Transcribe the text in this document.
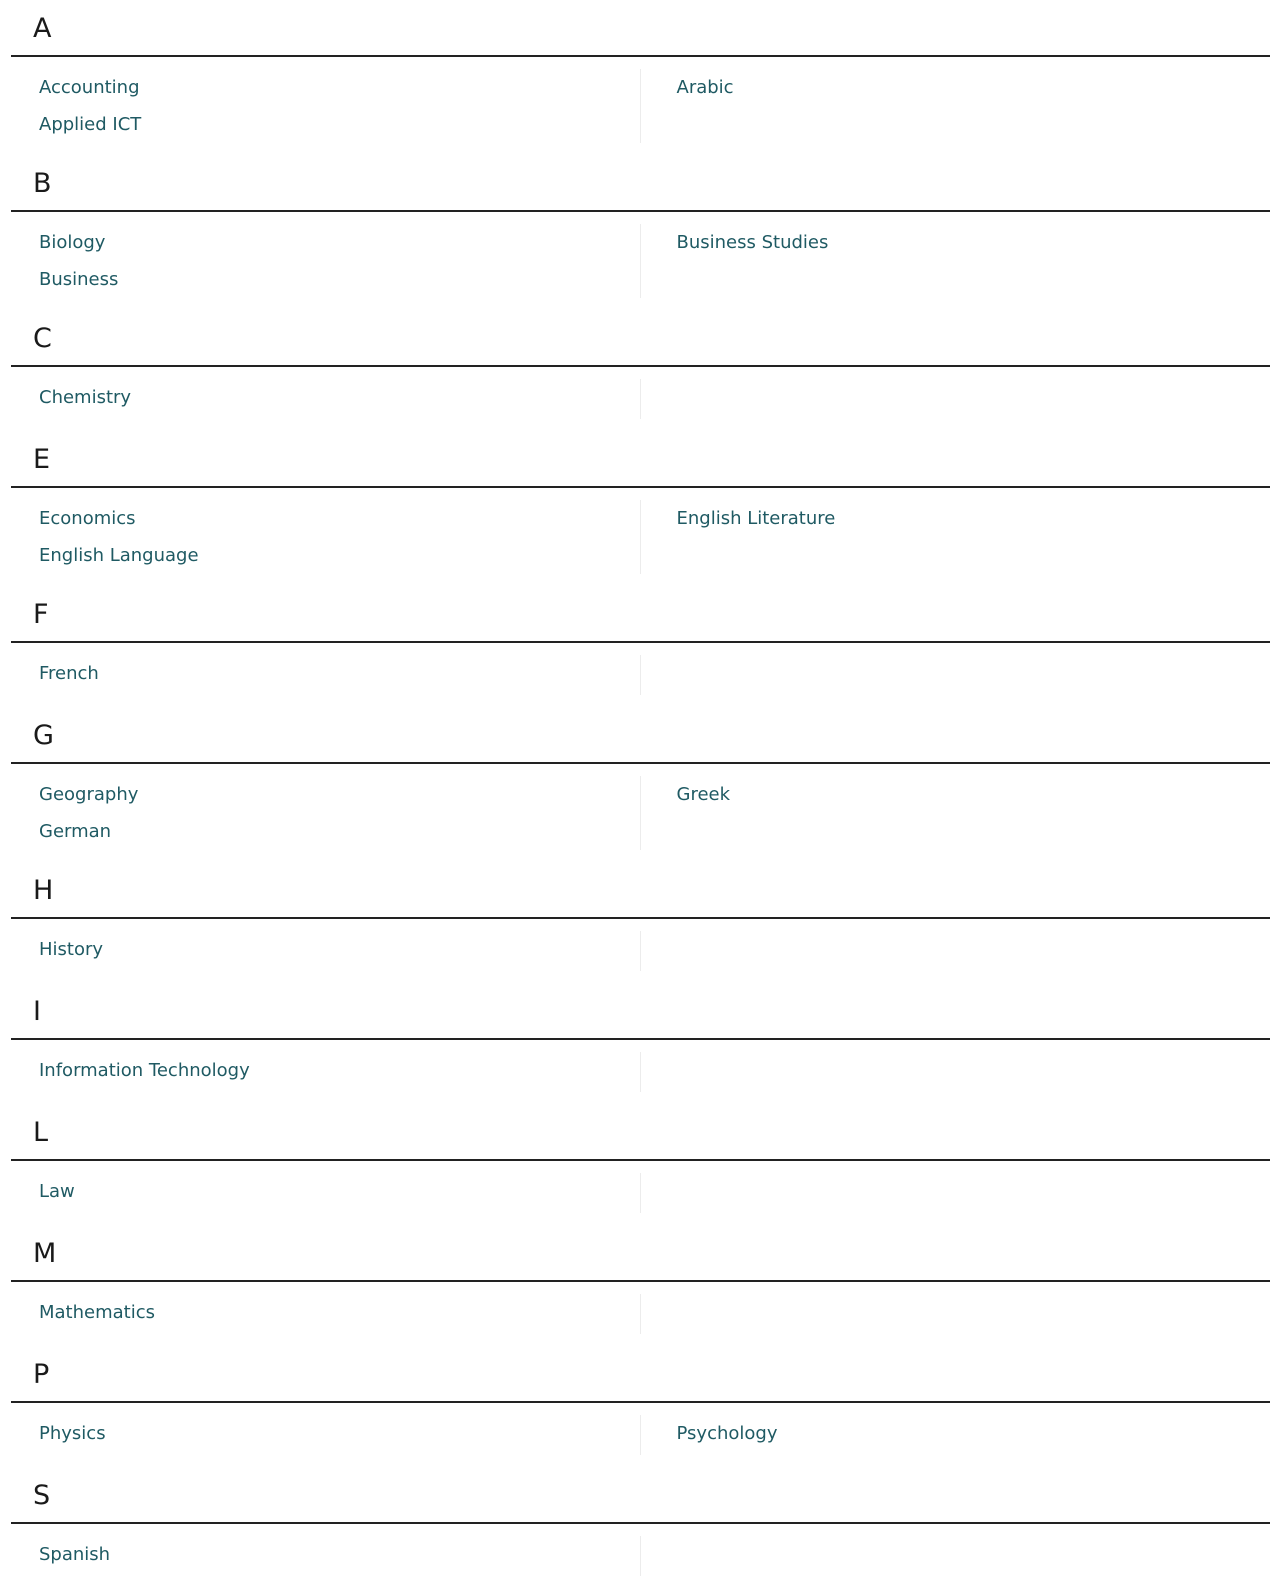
A
Accounting
Applied ICT
Arabic
B
Biology
Business
Business Studies
C
Chemistry
E
Economics
English Language
English Literature
F
French
G
Geography
German
Greek
H
History
I
Information Technology
L
Law
M
Mathematics
P
Physics	Psychology
S
Spanish
